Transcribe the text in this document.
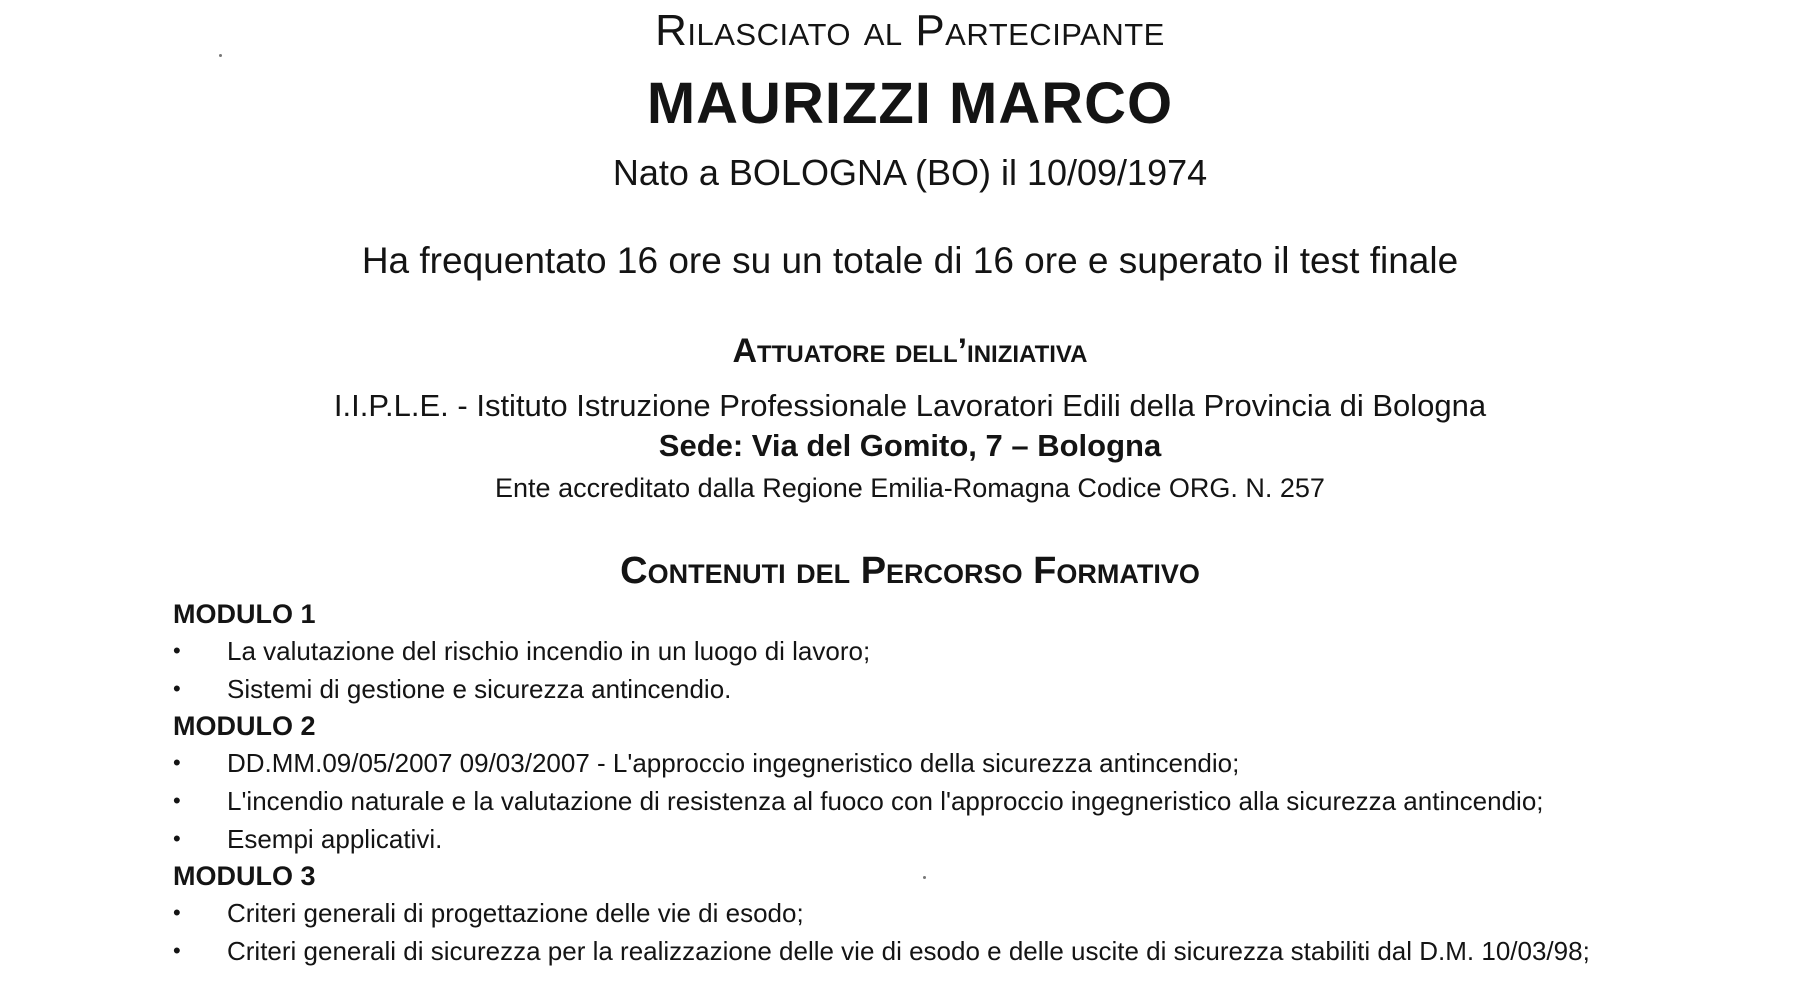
Rilasciato al Partecipante
MAURIZZI MARCO
Nato a BOLOGNA (BO) il 10/09/1974
Ha frequentato 16 ore su un totale di 16 ore e superato il test finale
Attuatore dell’iniziativa
I.I.P.L.E. - Istituto Istruzione Professionale Lavoratori Edili della Provincia di Bologna
Sede: Via del Gomito, 7 – Bologna
Ente accreditato dalla Regione Emilia-Romagna Codice ORG. N. 257
Contenuti del Percorso Formativo
MODULO 1
• La valutazione del rischio incendio in un luogo di lavoro;
• Sistemi di gestione e sicurezza antincendio.
MODULO 2
• DD.MM.09/05/2007 09/03/2007 - L'approccio ingegneristico della sicurezza antincendio;
• L'incendio naturale e la valutazione di resistenza al fuoco con l'approccio ingegneristico alla sicurezza antincendio;
• Esempi applicativi.
MODULO 3
• Criteri generali di progettazione delle vie di esodo;
• Criteri generali di sicurezza per la realizzazione delle vie di esodo e delle uscite di sicurezza stabiliti dal D.M. 10/03/98;
